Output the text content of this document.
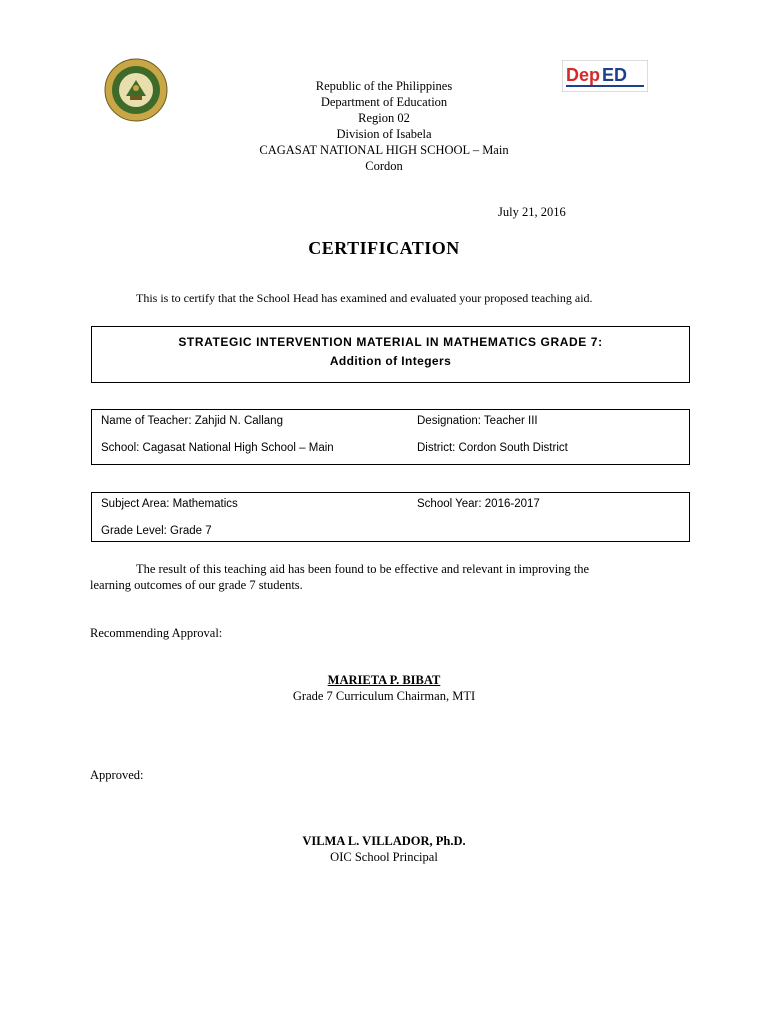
Dep ED
Republic of the Philippines
Department of Education
Region 02
Division of Isabela
CAGASAT NATIONAL HIGH SCHOOL – Main
Cordon
July 21, 2016
CERTIFICATION
This is to certify that the School Head has examined and evaluated your proposed teaching aid.
STRATEGIC INTERVENTION MATERIAL IN MATHEMATICS GRADE 7:
Addition of Integers
Name of Teacher: Zahjid N. Callang	Designation: Teacher III
School: Cagasat National High School – Main	District: Cordon South District
Subject Area: Mathematics	School Year: 2016-2017
Grade Level: Grade 7
The result of this teaching aid has been found to be effective and relevant in improving the
learning outcomes of our grade 7 students.
Recommending Approval:
MARIETA P. BIBAT
Grade 7 Curriculum Chairman, MTI
Approved:
VILMA L. VILLADOR, Ph.D.
OIC School Principal
